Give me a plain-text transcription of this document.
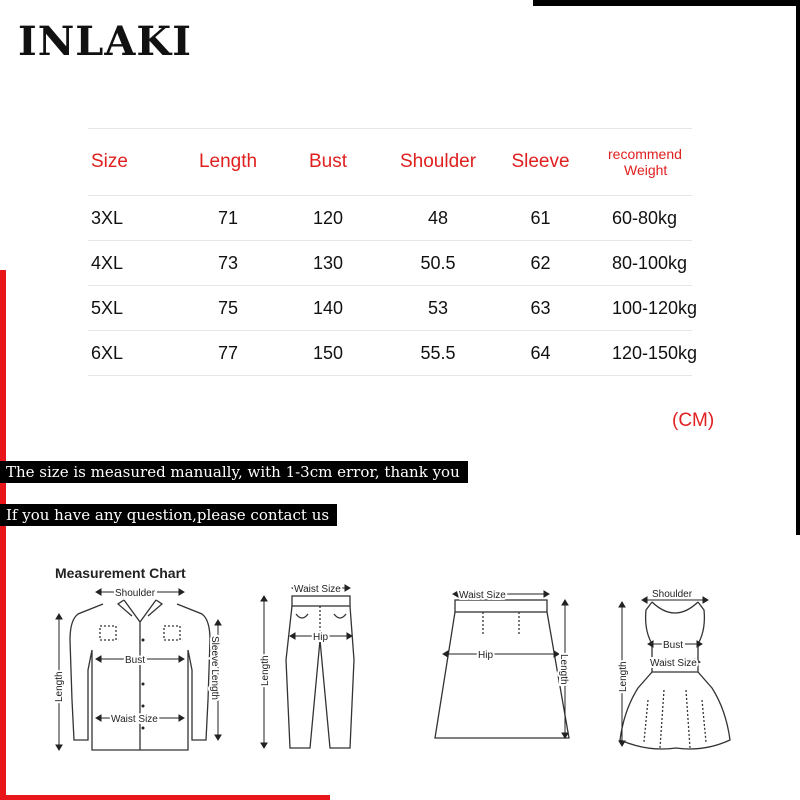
INLAKI
Size	Length	Bust	Shoulder	Sleeve	recommend
Weight
3XL	71	120	48	61	60-80kg
4XL	73	130	50.5	62	80-100kg
5XL	75	140	53	63	100-120kg
6XL	77	150	55.5	64	120-150kg
(CM)
The size is measured manually, with 1-3cm error, thank you
If you have any question,please contact us
Measurement Chart
Shoulder
Bust
Waist Size
Length	Sleeve Length
Waist Size
Hip
Length
Waist Size
Hip	Length
Shoulder
Bust
Waist Size
Length
